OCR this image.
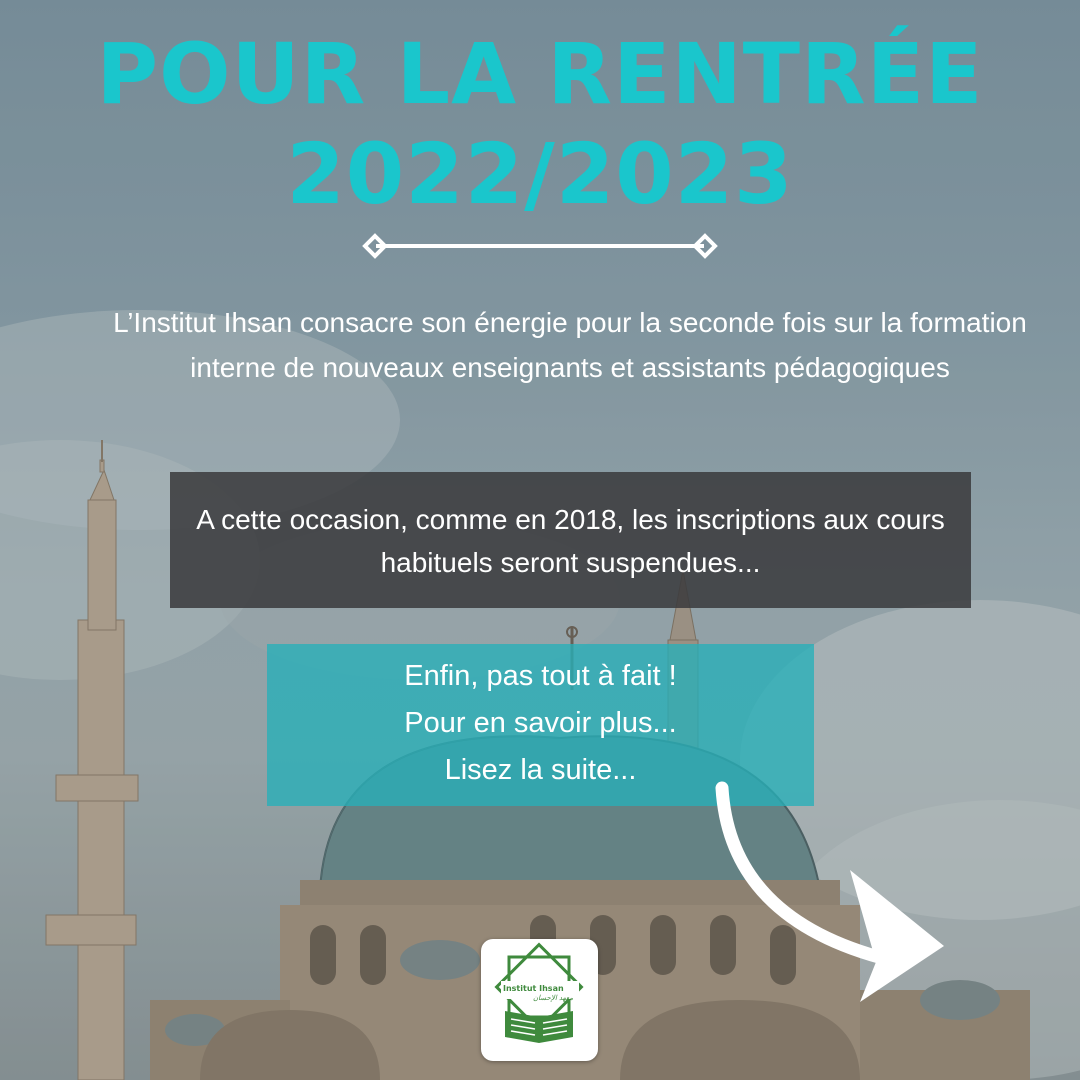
POUR LA RENTRÉE
2022/2023
L’Institut Ihsan consacre son énergie pour la seconde fois sur la formation interne de nouveaux enseignants et assistants pédagogiques
A cette occasion, comme en 2018, les inscriptions aux cours habituels seront suspendues...
Enfin, pas tout à fait !
Pour en savoir plus...
Lisez la suite...
Institut Ihsan
معهد الإحسان
